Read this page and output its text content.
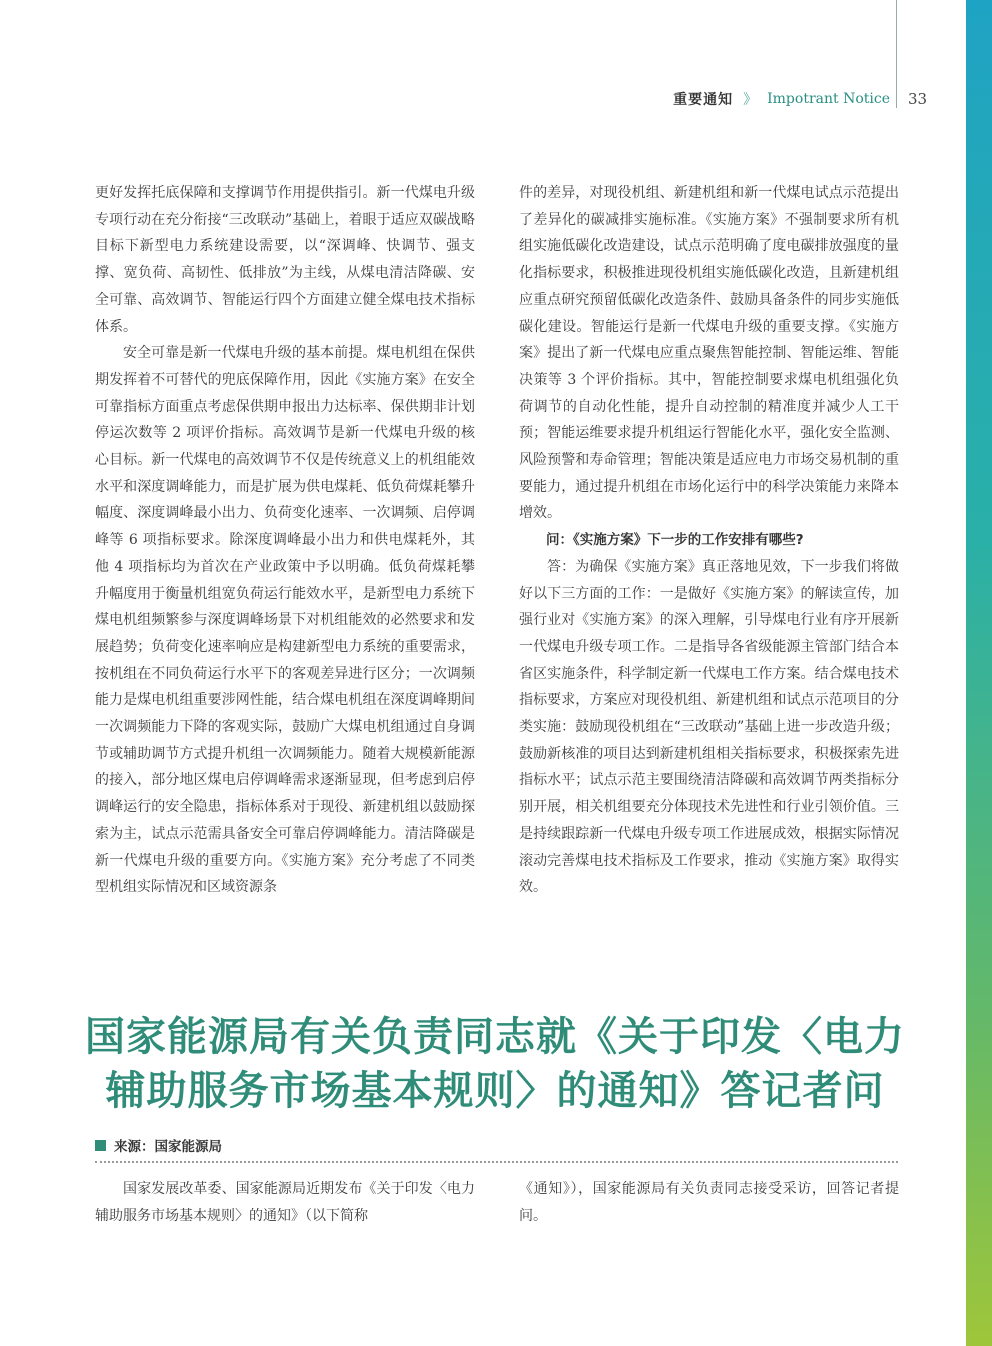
重要通知 》 Impotrant Notice 33

更好发挥托底保障和支撑调节作用提供指引。新一代煤电升级专项行动在充分衔接“三改联动”基础上，着眼于适应双碳战略目标下新型电力系统建设需要，以“深调峰、快调节、强支撑、宽负荷、高韧性、低排放”为主线，从煤电清洁降碳、安全可靠、高效调节、智能运行四个方面建立健全煤电技术指标体系。

安全可靠是新一代煤电升级的基本前提。煤电机组在保供期发挥着不可替代的兜底保障作用，因此《实施方案》在安全可靠指标方面重点考虑保供期申报出力达标率、保供期非计划停运次数等 2 项评价指标。高效调节是新一代煤电升级的核心目标。新一代煤电的高效调节不仅是传统意义上的机组能效水平和深度调峰能力，而是扩展为供电煤耗、低负荷煤耗攀升幅度、深度调峰最小出力、负荷变化速率、一次调频、启停调峰等 6 项指标要求。除深度调峰最小出力和供电煤耗外，其他 4 项指标均为首次在产业政策中予以明确。低负荷煤耗攀升幅度用于衡量机组宽负荷运行能效水平，是新型电力系统下煤电机组频繁参与深度调峰场景下对机组能效的必然要求和发展趋势；负荷变化速率响应是构建新型电力系统的重要需求，按机组在不同负荷运行水平下的客观差异进行区分；一次调频能力是煤电机组重要涉网性能，结合煤电机组在深度调峰期间一次调频能力下降的客观实际，鼓励广大煤电机组通过自身调节或辅助调节方式提升机组一次调频能力。随着大规模新能源的接入，部分地区煤电启停调峰需求逐渐显现，但考虑到启停调峰运行的安全隐患，指标体系对于现役、新建机组以鼓励探索为主，试点示范需具备安全可靠启停调峰能力。清洁降碳是新一代煤电升级的重要方向。《实施方案》充分考虑了不同类型机组实际情况和区域资源条

件的差异，对现役机组、新建机组和新一代煤电试点示范提出了差异化的碳减排实施标准。《实施方案》不强制要求所有机组实施低碳化改造建设，试点示范明确了度电碳排放强度的量化指标要求，积极推进现役机组实施低碳化改造，且新建机组应重点研究预留低碳化改造条件、鼓励具备条件的同步实施低碳化建设。智能运行是新一代煤电升级的重要支撑。《实施方案》提出了新一代煤电应重点聚焦智能控制、智能运维、智能决策等 3 个评价指标。其中，智能控制要求煤电机组强化负荷调节的自动化性能，提升自动控制的精准度并减少人工干预；智能运维要求提升机组运行智能化水平，强化安全监测、风险预警和寿命管理；智能决策是适应电力市场交易机制的重要能力，通过提升机组在市场化运行中的科学决策能力来降本增效。

问：《实施方案》下一步的工作安排有哪些?

答：为确保《实施方案》真正落地见效，下一步我们将做好以下三方面的工作：一是做好《实施方案》的解读宣传，加强行业对《实施方案》的深入理解，引导煤电行业有序开展新一代煤电升级专项工作。二是指导各省级能源主管部门结合本省区实施条件，科学制定新一代煤电工作方案。结合煤电技术指标要求，方案应对现役机组、新建机组和试点示范项目的分类实施：鼓励现役机组在“三改联动”基础上进一步改造升级；鼓励新核准的项目达到新建机组相关指标要求，积极探索先进指标水平；试点示范主要围绕清洁降碳和高效调节两类指标分别开展，相关机组要充分体现技术先进性和行业引领价值。三是持续跟踪新一代煤电升级专项工作进展成效，根据实际情况滚动完善煤电技术指标及工作要求，推动《实施方案》取得实效。

国家能源局有关负责同志就《关于印发〈电力
辅助服务市场基本规则〉的通知》答记者问
来源：国家能源局

国家发展改革委、国家能源局近期发布《关于印发〈电力辅助服务市场基本规则〉的通知》（以下简称

《通知》），国家能源局有关负责同志接受采访，回答记者提问。
